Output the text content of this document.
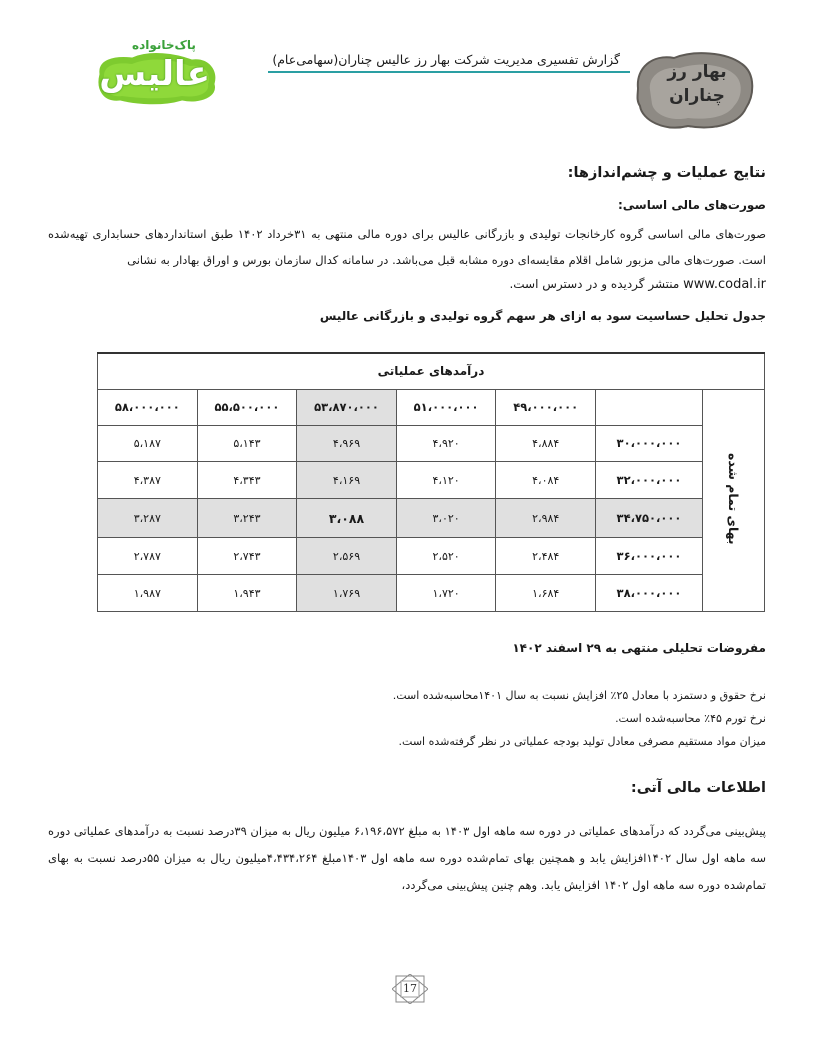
گزارش تفسیری مدیریت شرکت بهار رز عالیس چناران(سهامی‌عام)
پاک‌خانواده
عالیس	بهار رز
چناران
نتایج عملیات و چشم‌اندازها:
صورت‌های مالی اساسی:
صورت‌های مالی اساسی گروه کارخانجات تولیدی و بازرگانی عالیس برای دوره مالی منتهی به ۳۱خرداد ۱۴۰۲ طبق استانداردهای حسابداری تهیه‌شده است. صورت‌های مالی مزبور شامل اقلام مقایسه‌ای دوره مشابه قبل می‌باشد. در سامانه کدال سازمان بورس و اوراق بهادار به نشانی
www.codal.ir منتشر گردیده و در دسترس است.
جدول تحلیل حساسیت سود به ازای هر سهم گروه تولیدی و بازرگانی عالیس
درآمدهای عملیاتی						
بهای تمام شده		۴۹،۰۰۰،۰۰۰	۵۱،۰۰۰،۰۰۰	۵۳،۸۷۰،۰۰۰	۵۵،۵۰۰،۰۰۰	۵۸،۰۰۰،۰۰۰
	۳۰،۰۰۰،۰۰۰	۴،۸۸۴	۴،۹۲۰	۴،۹۶۹	۵،۱۴۳	۵،۱۸۷
	۳۲،۰۰۰،۰۰۰	۴،۰۸۴	۴،۱۲۰	۴،۱۶۹	۴،۳۴۳	۴،۳۸۷
	۳۴،۷۵۰،۰۰۰	۲،۹۸۴	۳،۰۲۰	۳،۰۸۸	۳،۲۴۳	۳،۲۸۷
	۳۶،۰۰۰،۰۰۰	۲،۴۸۴	۲،۵۲۰	۲،۵۶۹	۲،۷۴۳	۲،۷۸۷
	۳۸،۰۰۰،۰۰۰	۱،۶۸۴	۱،۷۲۰	۱،۷۶۹	۱،۹۴۳	۱،۹۸۷
مفروضات تحلیلی منتهی به ۲۹ اسفند ۱۴۰۲
نرخ حقوق و دستمزد با معادل ۲۵٪ افزایش نسبت به سال ۱۴۰۱محاسبه‌شده است.
نرخ تورم ۴۵٪ محاسبه‌شده است.
میزان مواد مستقیم مصرفی معادل تولید بودجه عملیاتی در نظر گرفته‌شده است.
اطلاعات مالی آتی:
پیش‌بینی می‌گردد که درآمدهای عملیاتی در دوره سه ماهه اول ۱۴۰۳ به مبلغ ۶،۱۹۶،۵۷۲ میلیون ریال به میزان ۳۹درصد نسبت به درآمدهای عملیاتی دوره سه ماهه اول سال ۱۴۰۲افزایش یابد و همچنین بهای تمام‌شده دوره سه ماهه اول ۱۴۰۳مبلغ ۴،۴۳۴،۲۶۴میلیون ریال به میزان ۵۵درصد نسبت به بهای تمام‌شده دوره سه ماهه اول ۱۴۰۲ افزایش یابد. وهم چنین پیش‌بینی می‌گردد،
17
